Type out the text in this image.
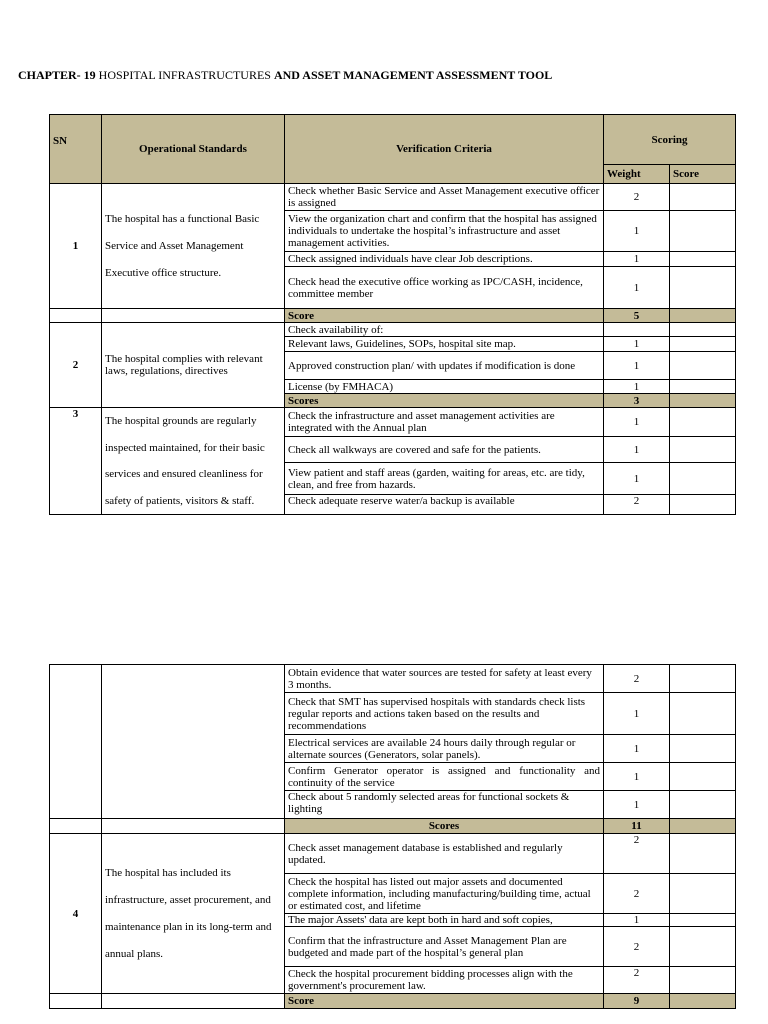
CHAPTER- 19 HOSPITAL INFRASTRUCTURES AND ASSET MANAGEMENT ASSESSMENT TOOL
SN	Operational Standards	Verification Criteria	Scoring	
			Weight	Score
1	The hospital has a functional Basic Service and Asset Management Executive office structure.	Check whether Basic Service and Asset Management executive officer is assigned	2	
		View the organization chart and confirm that the hospital has assigned individuals to undertake the hospital’s infrastructure and asset management activities.	1	
		Check assigned individuals have clear Job descriptions.	1	
		Check head the executive office working as IPC/CASH, incidence, committee member	1	
		Score	5	
2	The hospital complies with relevant laws, regulations, directives	Check availability of:		
		Relevant laws, Guidelines, SOPs, hospital site map.	1	
		Approved construction plan/ with updates if modification is done	1	
		License (by FMHACA)	1	
		Scores	3	
3	The hospital grounds are regularly inspected maintained, for their basic services and ensured cleanliness for safety of patients, visitors & staff.	Check the infrastructure and asset management activities are integrated with the Annual plan	1	
		Check all walkways are covered and safe for the patients.	1	
		View patient and staff areas (garden, waiting for areas, etc. are tidy, clean, and free from hazards.	1	
		Check adequate reserve water/a backup is available	2	
		Obtain evidence that water sources are tested for safety at least every 3 months.	2	
		Check that SMT has supervised hospitals with standards check lists regular reports and actions taken based on the results and recommendations	1	
		Electrical services are available 24 hours daily through regular or alternate sources (Generators, solar panels).	1	
		Confirm Generator operator is assigned and functionality and continuity of the service	1	
		Check about 5 randomly selected areas for functional sockets & lighting	1	
		Scores	11	
4	The hospital has included its infrastructure, asset procurement, and maintenance plan in its long-term and annual plans.	Check asset management database is established and regularly updated.	2	
		Check the hospital has listed out major assets and documented complete information, including manufacturing/building time, actual or estimated cost, and lifetime	2	
		The major Assets' data are kept both in hard and soft copies,	1	
		Confirm that the infrastructure and Asset Management Plan are budgeted and made part of the hospital’s general plan	2	
		Check the hospital procurement bidding processes align with the government's procurement law.	2	
		Score	9	
